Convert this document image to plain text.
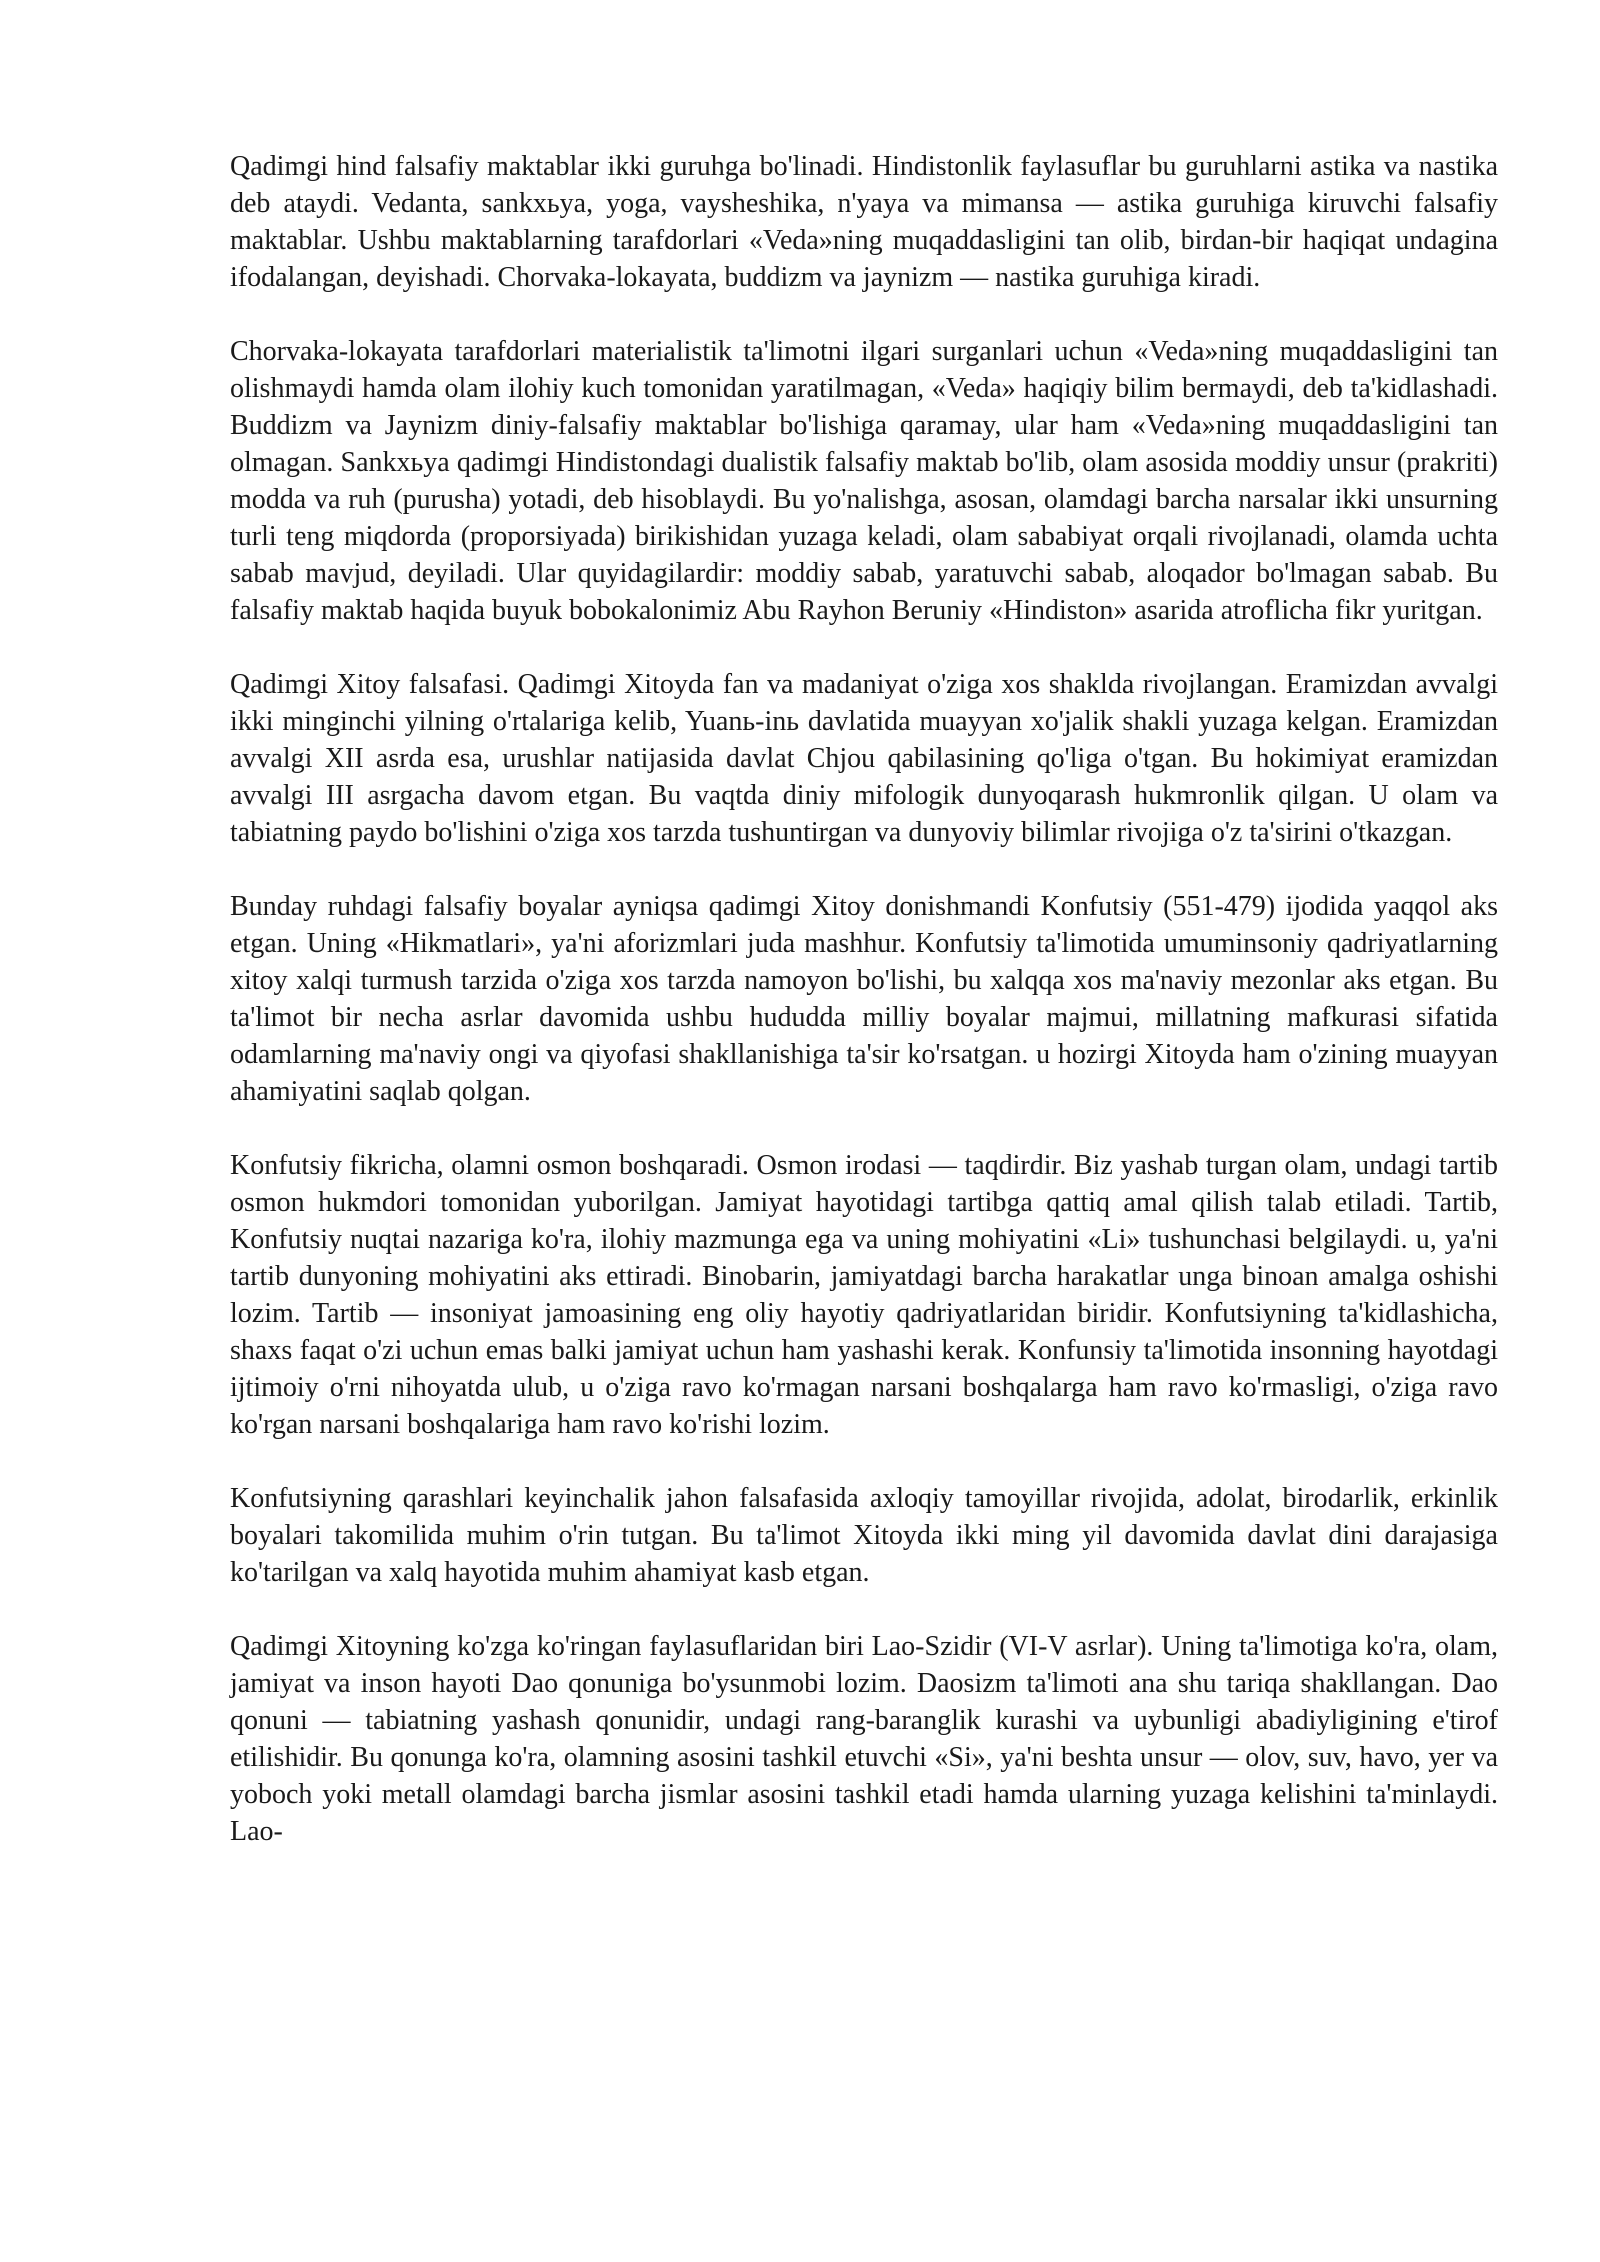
Qadimgi hind falsafiy maktablar ikki guruhga bo'linadi. Hindistonlik faylasuflar bu guruhlarni astika va nastika deb ataydi. Vedanta, sankxьya, yoga, vaysheshika, n'yaya va mimansa — astika guruhiga kiruvchi falsafiy maktablar. Ushbu maktablarning tarafdorlari «Veda»ning muqaddasligini tan olib, birdan-bir haqiqat undagina ifodalangan, deyishadi. Chorvaka-lokayata, buddizm va jaynizm — nastika guruhiga kiradi.

Chorvaka-lokayata tarafdorlari materialistik ta'limotni ilgari surganlari uchun «Veda»ning muqaddasligini tan olishmaydi hamda olam ilohiy kuch tomonidan yaratilmagan, «Veda» haqiqiy bilim bermaydi, deb ta'kidlashadi. Buddizm va Jaynizm diniy-falsafiy maktablar bo'lishiga qaramay, ular ham «Veda»ning muqaddasligini tan olmagan. Sankxьya qadimgi Hindistondagi dualistik falsafiy maktab bo'lib, olam asosida moddiy unsur (prakriti) modda va ruh (purusha) yotadi, deb hisoblaydi. Bu yo'nalishga, asosan, olamdagi barcha narsalar ikki unsurning turli teng miqdorda (proporsiyada) birikishidan yuzaga keladi, olam sababiyat orqali rivojlanadi, olamda uchta sabab mavjud, deyiladi. Ular quyidagilardir: moddiy sabab, yaratuvchi sabab, aloqador bo'lmagan sabab. Bu falsafiy maktab haqida buyuk bobokalonimiz Abu Rayhon Beruniy «Hindiston» asarida atroflicha fikr yuritgan.

Qadimgi Xitoy falsafasi. Qadimgi Xitoyda fan va madaniyat o'ziga xos shaklda rivojlangan. Eramizdan avvalgi ikki minginchi yilning o'rtalariga kelib, Yuanь-inь davlatida muayyan xo'jalik shakli yuzaga kelgan. Eramizdan avvalgi XII asrda esa, urushlar natijasida davlat Chjou qabilasining qo'liga o'tgan. Bu hokimiyat eramizdan avvalgi III asrgacha davom etgan. Bu vaqtda diniy mifologik dunyoqarash hukmronlik qilgan. U olam va tabiatning paydo bo'lishini o'ziga xos tarzda tushuntirgan va dunyoviy bilimlar rivojiga o'z ta'sirini o'tkazgan.

Bunday ruhdagi falsafiy boyalar ayniqsa qadimgi Xitoy donishmandi Konfutsiy (551-479) ijodida yaqqol aks etgan. Uning «Hikmatlari», ya'ni aforizmlari juda mashhur. Konfutsiy ta'limotida umuminsoniy qadriyatlarning xitoy xalqi turmush tarzida o'ziga xos tarzda namoyon bo'lishi, bu xalqqa xos ma'naviy mezonlar aks etgan. Bu ta'limot bir necha asrlar davomida ushbu hududda milliy boyalar majmui, millatning mafkurasi sifatida odamlarning ma'naviy ongi va qiyofasi shakllanishiga ta'sir ko'rsatgan. u hozirgi Xitoyda ham o'zining muayyan ahamiyatini saqlab qolgan.

Konfutsiy fikricha, olamni osmon boshqaradi. Osmon irodasi — taqdirdir. Biz yashab turgan olam, undagi tartib osmon hukmdori tomonidan yuborilgan. Jamiyat hayotidagi tartibga qattiq amal qilish talab etiladi. Tartib, Konfutsiy nuqtai nazariga ko'ra, ilohiy mazmunga ega va uning mohiyatini «Li» tushunchasi belgilaydi. u, ya'ni tartib dunyoning mohiyatini aks ettiradi. Binobarin, jamiyatdagi barcha harakatlar unga binoan amalga oshishi lozim. Tartib — insoniyat jamoasining eng oliy hayotiy qadriyatlaridan biridir. Konfutsiyning ta'kidlashicha, shaxs faqat o'zi uchun emas balki jamiyat uchun ham yashashi kerak. Konfunsiy ta'limotida insonning hayotdagi ijtimoiy o'rni nihoyatda ulub, u o'ziga ravo ko'rmagan narsani boshqalarga ham ravo ko'rmasligi, o'ziga ravo ko'rgan narsani boshqalariga ham ravo ko'rishi lozim.

Konfutsiyning qarashlari keyinchalik jahon falsafasida axloqiy tamoyillar rivojida, adolat, birodarlik, erkinlik boyalari takomilida muhim o'rin tutgan. Bu ta'limot Xitoyda ikki ming yil davomida davlat dini darajasiga ko'tarilgan va xalq hayotida muhim ahamiyat kasb etgan.

Qadimgi Xitoyning ko'zga ko'ringan faylasuflaridan biri Lao-Szidir (VI-V asrlar). Uning ta'limotiga ko'ra, olam, jamiyat va inson hayoti Dao qonuniga bo'ysunmobi lozim. Daosizm ta'limoti ana shu tariqa shakllangan. Dao qonuni — tabiatning yashash qonunidir, undagi rang-baranglik kurashi va uybunligi abadiyligining e'tirof etilishidir. Bu qonunga ko'ra, olamning asosini tashkil etuvchi «Si», ya'ni beshta unsur — olov, suv, havo, yer va yoboch yoki metall olamdagi barcha jismlar asosini tashkil etadi hamda ularning yuzaga kelishini ta'minlaydi. Lao-
